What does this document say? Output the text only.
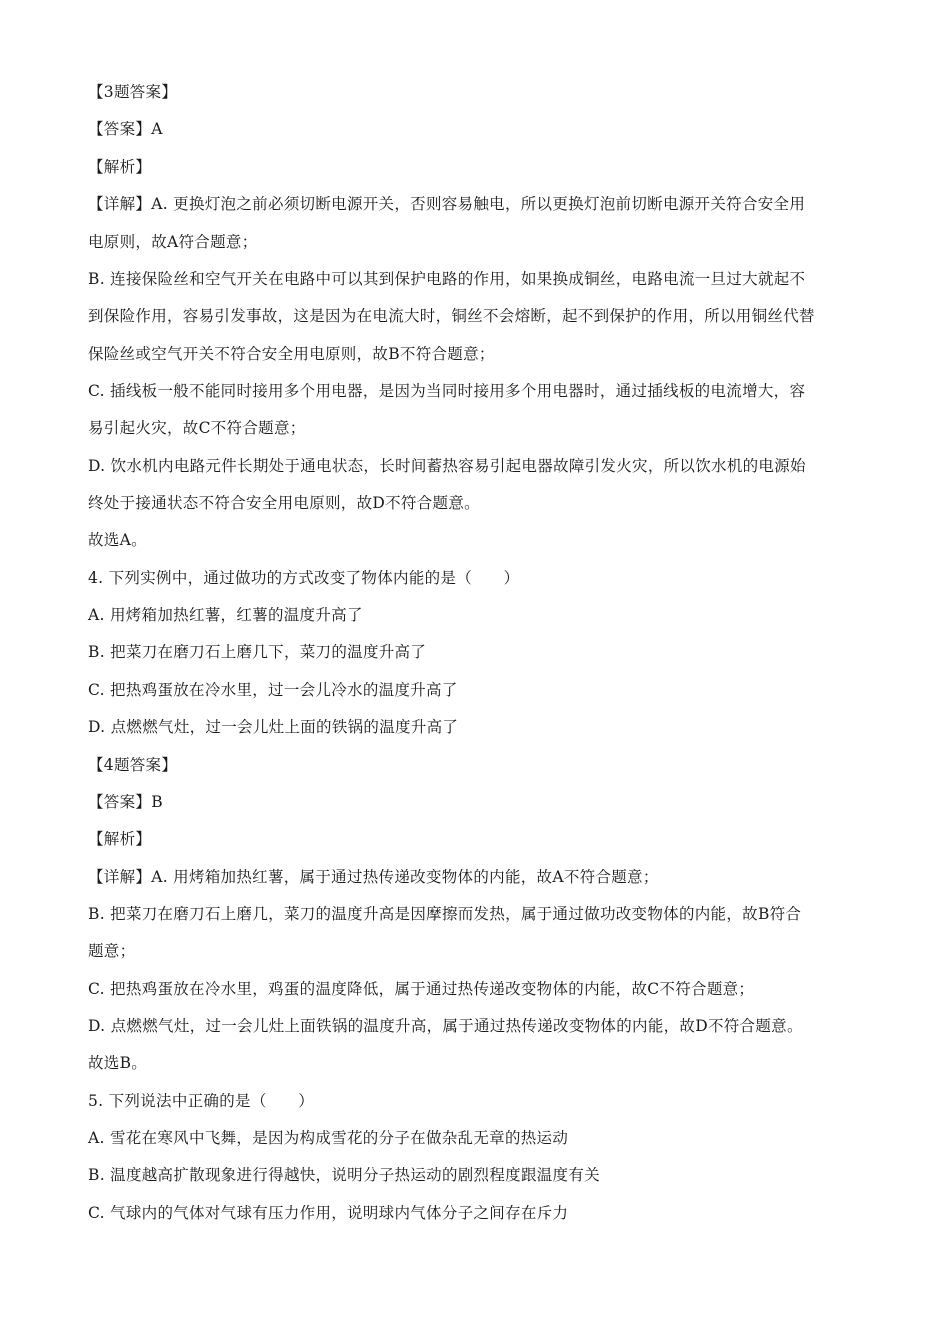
【3题答案】
【答案】A
【解析】
【详解】A. 更换灯泡之前必须切断电源开关，否则容易触电，所以更换灯泡前切断电源开关符合安全用
电原则，故A符合题意；
B. 连接保险丝和空气开关在电路中可以其到保护电路的作用，如果换成铜丝，电路电流一旦过大就起不
到保险作用，容易引发事故，这是因为在电流大时，铜丝不会熔断，起不到保护的作用，所以用铜丝代替
保险丝或空气开关不符合安全用电原则，故B不符合题意；
C. 插线板一般不能同时接用多个用电器，是因为当同时接用多个用电器时，通过插线板的电流增大，容
易引起火灾，故C不符合题意；
D. 饮水机内电路元件长期处于通电状态，长时间蓄热容易引起电器故障引发火灾，所以饮水机的电源始
终处于接通状态不符合安全用电原则，故D不符合题意。
故选A。
4. 下列实例中，通过做功的方式改变了物体内能的是（　　）
A. 用烤箱加热红薯，红薯的温度升高了
B. 把菜刀在磨刀石上磨几下，菜刀的温度升高了
C. 把热鸡蛋放在冷水里，过一会儿冷水的温度升高了
D. 点燃燃气灶，过一会儿灶上面的铁锅的温度升高了
【4题答案】
【答案】B
【解析】
【详解】A. 用烤箱加热红薯，属于通过热传递改变物体的内能，故A不符合题意；
B. 把菜刀在磨刀石上磨几，菜刀的温度升高是因摩擦而发热，属于通过做功改变物体的内能，故B符合
题意；
C. 把热鸡蛋放在冷水里，鸡蛋的温度降低，属于通过热传递改变物体的内能，故C不符合题意；
D. 点燃燃气灶，过一会儿灶上面铁锅的温度升高，属于通过热传递改变物体的内能，故D不符合题意。
故选B。
5. 下列说法中正确的是（　　）
A. 雪花在寒风中飞舞，是因为构成雪花的分子在做杂乱无章的热运动
B. 温度越高扩散现象进行得越快，说明分子热运动的剧烈程度跟温度有关
C. 气球内的气体对气球有压力作用，说明球内气体分子之间存在斥力
